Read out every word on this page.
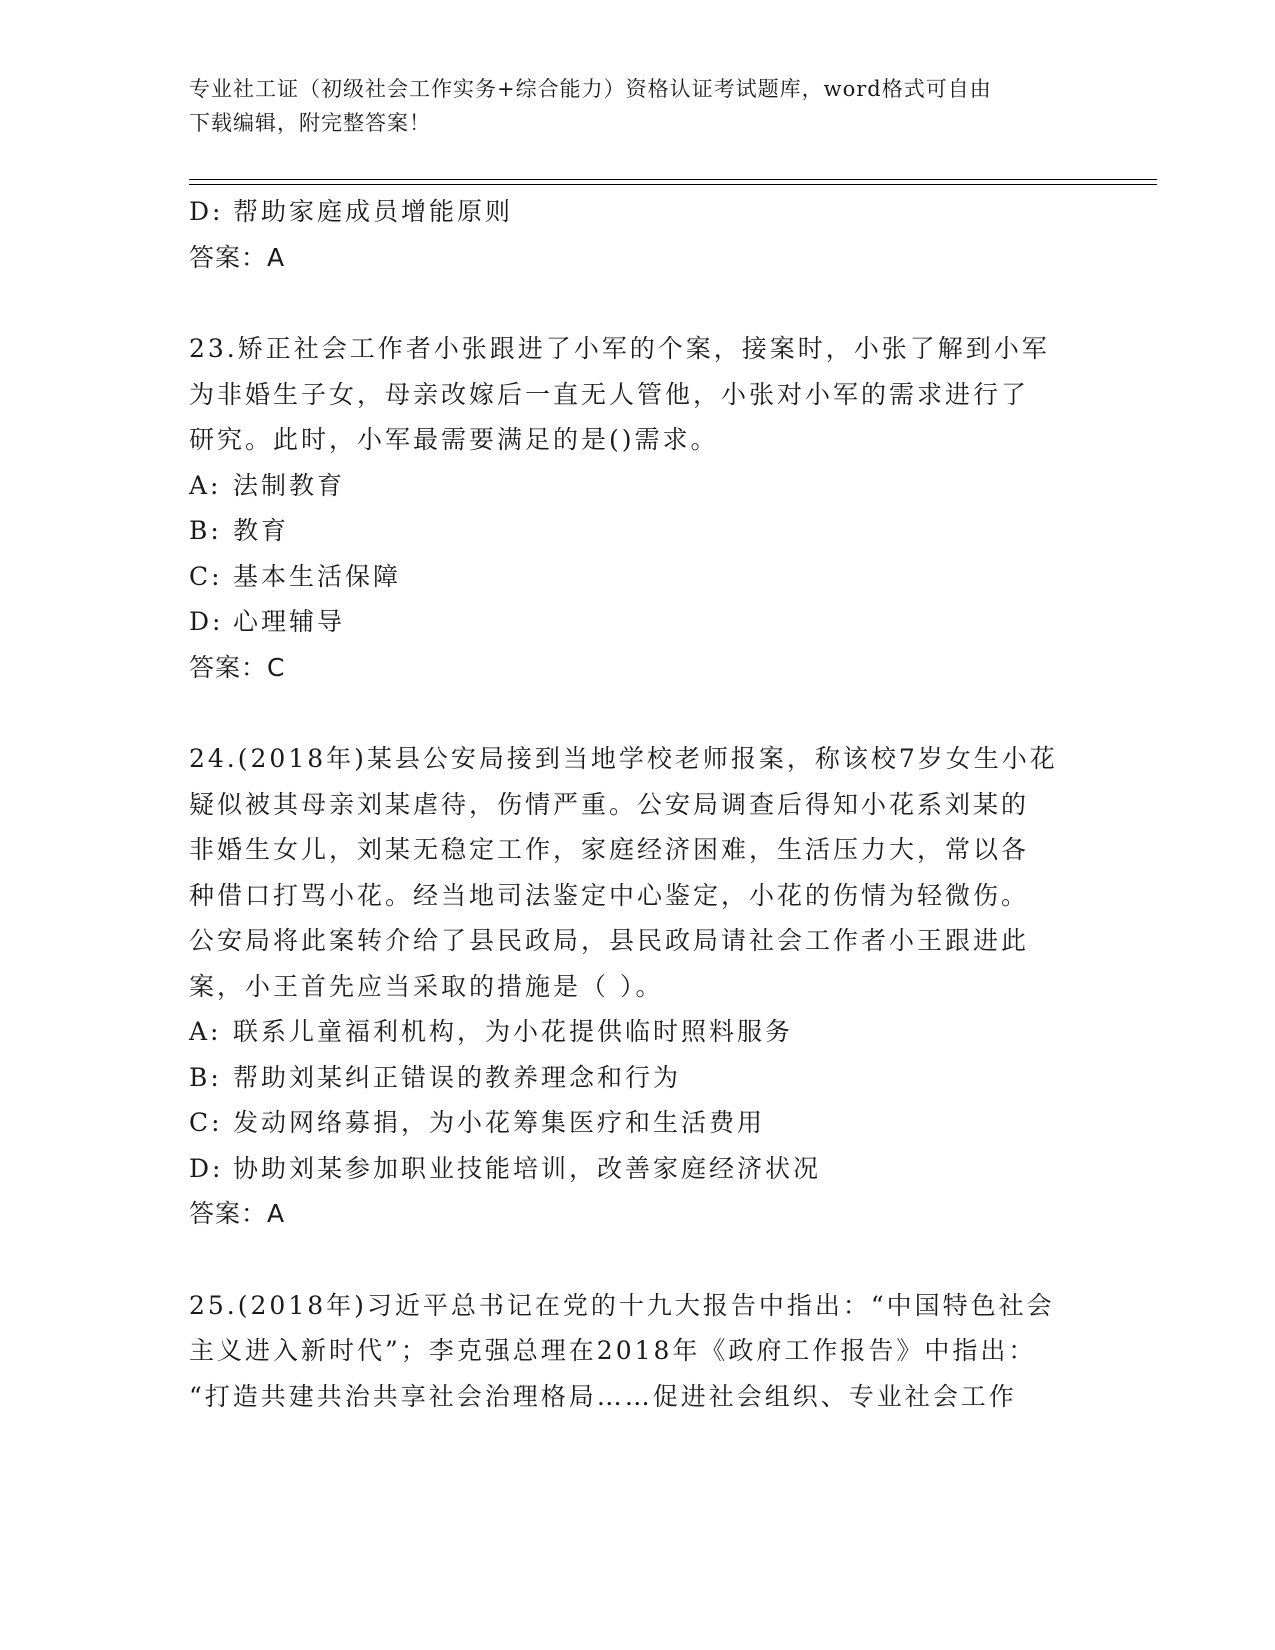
专业社工证（初级社会工作实务+综合能力）资格认证考试题库，word格式可自由
下载编辑，附完整答案！
D: 帮助家庭成员增能原则
答案：A
23.矫正社会工作者小张跟进了小军的个案，接案时，小张了解到小军
为非婚生子女，母亲改嫁后一直无人管他，小张对小军的需求进行了
研究。此时，小军最需要满足的是()需求。
A: 法制教育
B: 教育
C: 基本生活保障
D: 心理辅导
答案：C
24.(2018年)某县公安局接到当地学校老师报案，称该校7岁女生小花
疑似被其母亲刘某虐待，伤情严重。公安局调查后得知小花系刘某的
非婚生女儿，刘某无稳定工作，家庭经济困难，生活压力大，常以各
种借口打骂小花。经当地司法鉴定中心鉴定，小花的伤情为轻微伤。
公安局将此案转介给了县民政局，县民政局请社会工作者小王跟进此
案，小王首先应当采取的措施是（ ）。
A: 联系儿童福利机构，为小花提供临时照料服务
B: 帮助刘某纠正错误的教养理念和行为
C: 发动网络募捐，为小花筹集医疗和生活费用
D: 协助刘某参加职业技能培训，改善家庭经济状况
答案：A
25.(2018年)习近平总书记在党的十九大报告中指出：“中国特色社会
主义进入新时代”；李克强总理在2018年《政府工作报告》中指出：
“打造共建共治共享社会治理格局……促进社会组织、专业社会工作
